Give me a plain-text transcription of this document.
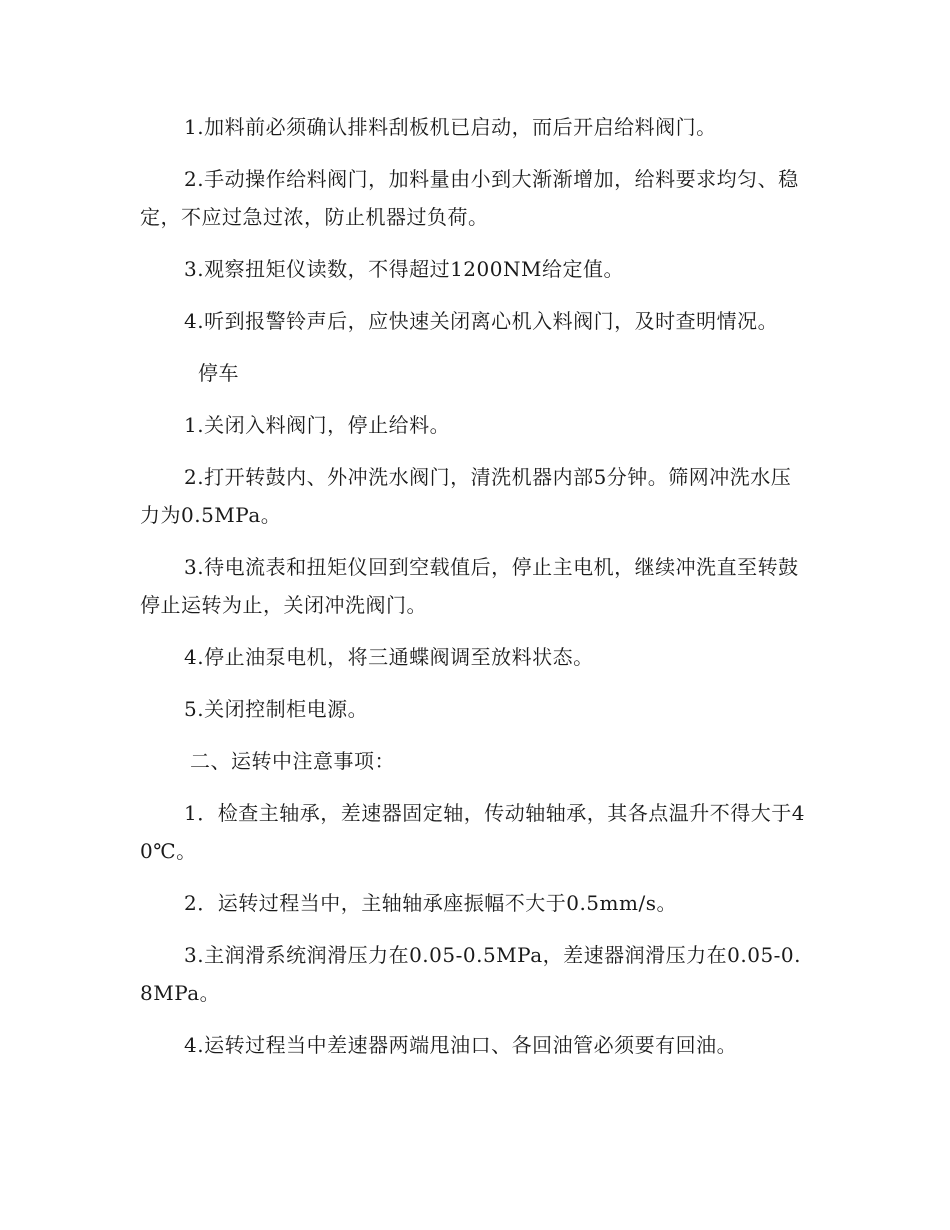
1.加料前必须确认排料刮板机已启动，而后开启给料阀门。

2.手动操作给料阀门，加料量由小到大渐渐增加，给料要求均匀、稳定，不应过急过浓，防止机器过负荷。

3.观察扭矩仪读数，不得超过1200NM给定值。

4.听到报警铃声后，应快速关闭离心机入料阀门，及时查明情况。

停车

1.关闭入料阀门，停止给料。

2.打开转鼓内、外冲洗水阀门，清洗机器内部5分钟。筛网冲洗水压力为0.5MPa。

3.待电流表和扭矩仪回到空载值后，停止主电机，继续冲洗直至转鼓停止运转为止，关闭冲洗阀门。

4.停止油泵电机，将三通蝶阀调至放料状态。

5.关闭控制柜电源。

二、运转中注意事项：

1．检查主轴承，差速器固定轴，传动轴轴承，其各点温升不得大于40℃。

2．运转过程当中，主轴轴承座振幅不大于0.5mm/s。

3.主润滑系统润滑压力在0.05-0.5MPa，差速器润滑压力在0.05-0.8MPa。

4.运转过程当中差速器两端甩油口、各回油管必须要有回油。
